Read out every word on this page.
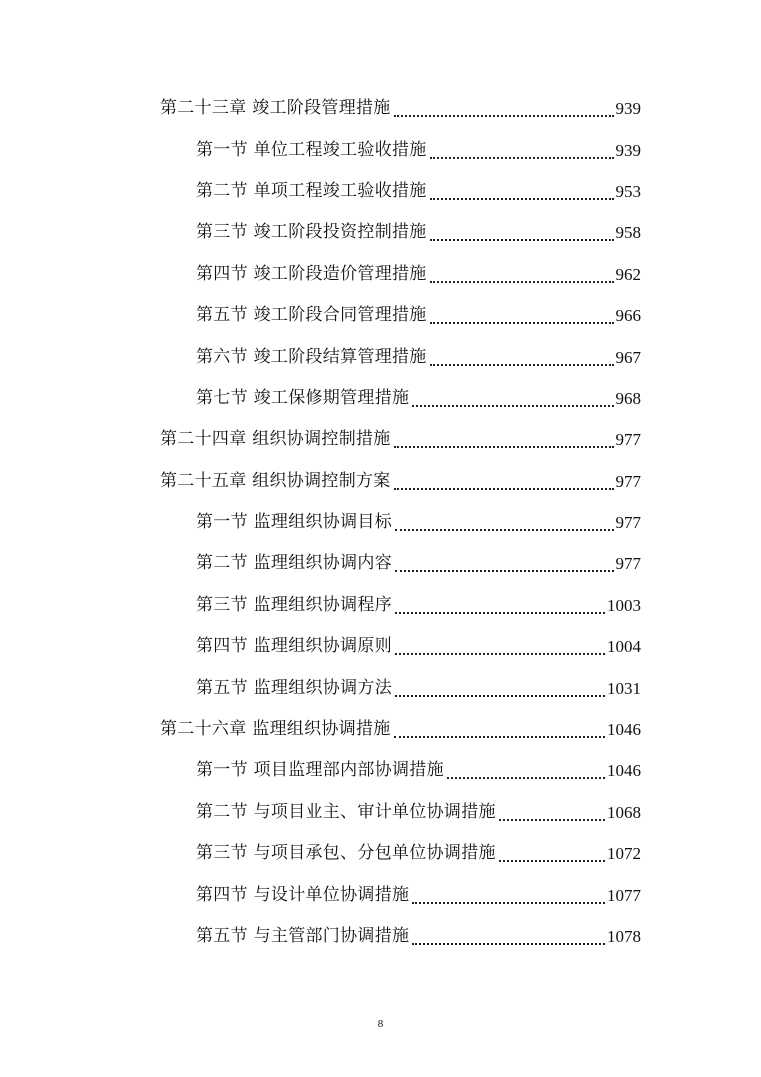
第二十三章 竣工阶段管理措施	939
第一节 单位工程竣工验收措施	939
第二节 单项工程竣工验收措施	953
第三节 竣工阶段投资控制措施	958
第四节 竣工阶段造价管理措施	962
第五节 竣工阶段合同管理措施	966
第六节 竣工阶段结算管理措施	967
第七节 竣工保修期管理措施	968
第二十四章 组织协调控制措施	977
第二十五章 组织协调控制方案	977
第一节 监理组织协调目标	977
第二节 监理组织协调内容	977
第三节 监理组织协调程序	1003
第四节 监理组织协调原则	1004
第五节 监理组织协调方法	1031
第二十六章 监理组织协调措施	1046
第一节 项目监理部内部协调措施	1046
第二节 与项目业主、审计单位协调措施	1068
第三节 与项目承包、分包单位协调措施	1072
第四节 与设计单位协调措施	1077
第五节 与主管部门协调措施	1078
8
